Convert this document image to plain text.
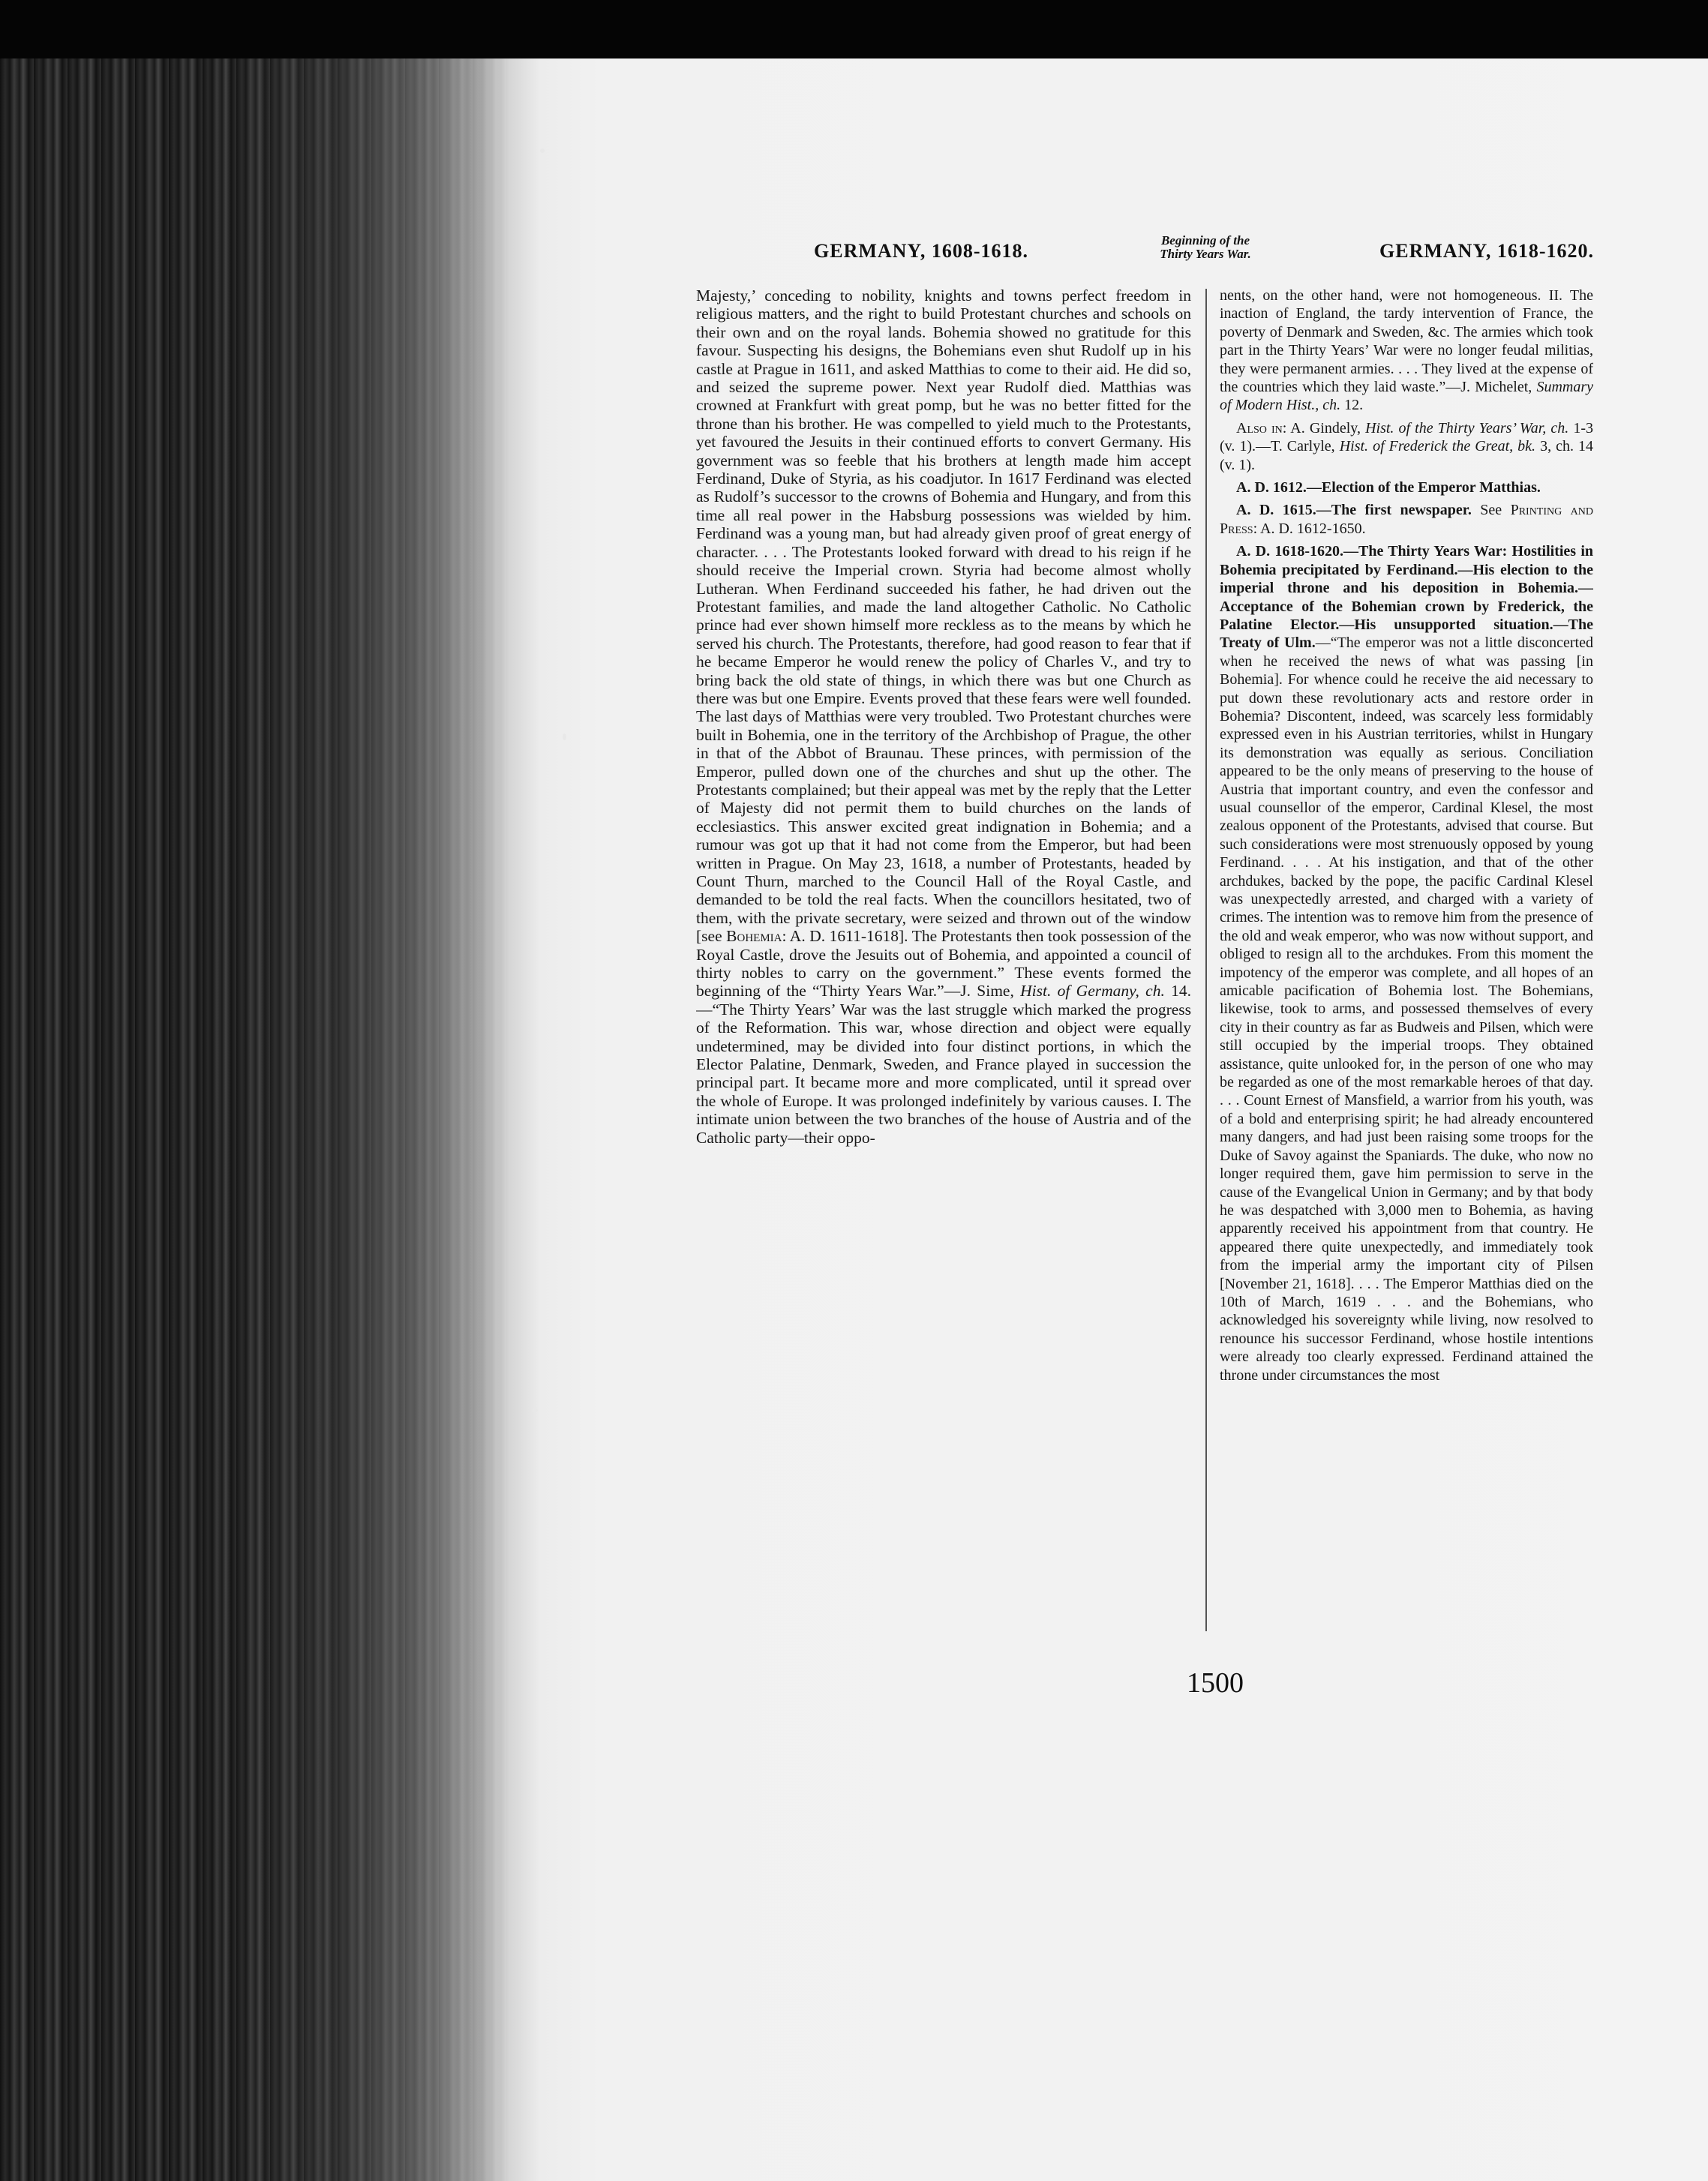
GERMANY, 1608-1618.	Beginning of the
Thirty Years War.	GERMANY, 1618-1620.

Majesty,’ conceding to nobility, knights and towns perfect freedom in religious matters, and the right to build Protestant churches and schools on their own and on the royal lands. Bohemia showed no gratitude for this favour. Suspecting his designs, the Bohemians even shut Rudolf up in his castle at Prague in 1611, and asked Matthias to come to their aid. He did so, and seized the supreme power. Next year Rudolf died. Matthias was crowned at Frankfurt with great pomp, but he was no better fitted for the throne than his brother. He was compelled to yield much to the Protestants, yet favoured the Jesuits in their continued efforts to convert Germany. His government was so feeble that his brothers at length made him accept Ferdinand, Duke of Styria, as his coadjutor. In 1617 Ferdinand was elected as Rudolf’s successor to the crowns of Bohemia and Hungary, and from this time all real power in the Habsburg possessions was wielded by him. Ferdinand was a young man, but had already given proof of great energy of character. . . . The Protestants looked forward with dread to his reign if he should receive the Imperial crown. Styria had become almost wholly Lutheran. When Ferdinand succeeded his father, he had driven out the Protestant families, and made the land altogether Catholic. No Catholic prince had ever shown himself more reckless as to the means by which he served his church. The Protestants, therefore, had good reason to fear that if he became Emperor he would renew the policy of Charles V., and try to bring back the old state of things, in which there was but one Church as there was but one Empire. Events proved that these fears were well founded. The last days of Matthias were very troubled. Two Protestant churches were built in Bohemia, one in the territory of the Archbishop of Prague, the other in that of the Abbot of Braunau. These princes, with permission of the Emperor, pulled down one of the churches and shut up the other. The Protestants complained; but their appeal was met by the reply that the Letter of Majesty did not permit them to build churches on the lands of ecclesiastics. This answer excited great indignation in Bohemia; and a rumour was got up that it had not come from the Emperor, but had been written in Prague. On May 23, 1618, a number of Protestants, headed by Count Thurn, marched to the Council Hall of the Royal Castle, and demanded to be told the real facts. When the councillors hesitated, two of them, with the private secretary, were seized and thrown out of the window [see Bohemia: A. D. 1611-1618]. The Protestants then took possession of the Royal Castle, drove the Jesuits out of Bohemia, and appointed a council of thirty nobles to carry on the government.” These events formed the beginning of the “Thirty Years War.”—J. Sime, Hist. of Germany, ch. 14.—“The Thirty Years’ War was the last struggle which marked the progress of the Reformation. This war, whose direction and object were equally undetermined, may be divided into four distinct portions, in which the Elector Palatine, Denmark, Sweden, and France played in succession the principal part. It became more and more complicated, until it spread over the whole of Europe. It was prolonged indefinitely by various causes. I. The intimate union between the two branches of the house of Austria and of the Catholic party—their oppo-

nents, on the other hand, were not homogeneous. II. The inaction of England, the tardy intervention of France, the poverty of Denmark and Sweden, &c. The armies which took part in the Thirty Years’ War were no longer feudal militias, they were permanent armies. . . . They lived at the expense of the countries which they laid waste.”—J. Michelet, Summary of Modern Hist., ch. 12.

Also in: A. Gindely, Hist. of the Thirty Years’ War, ch. 1-3 (v. 1).—T. Carlyle, Hist. of Frederick the Great, bk. 3, ch. 14 (v. 1).

A. D. 1612.—Election of the Emperor Matthias.

A. D. 1615.—The first newspaper. See Printing and Press: A. D. 1612-1650.

A. D. 1618-1620.—The Thirty Years War: Hostilities in Bohemia precipitated by Ferdinand.—His election to the imperial throne and his deposition in Bohemia.—Acceptance of the Bohemian crown by Frederick, the Palatine Elector.—His unsupported situation.—The Treaty of Ulm.—“The emperor was not a little disconcerted when he received the news of what was passing [in Bohemia]. For whence could he receive the aid necessary to put down these revolutionary acts and restore order in Bohemia? Discontent, indeed, was scarcely less formidably expressed even in his Austrian territories, whilst in Hungary its demonstration was equally as serious. Conciliation appeared to be the only means of preserving to the house of Austria that important country, and even the confessor and usual counsellor of the emperor, Cardinal Klesel, the most zealous opponent of the Protestants, advised that course. But such considerations were most strenuously opposed by young Ferdinand. . . . At his instigation, and that of the other archdukes, backed by the pope, the pacific Cardinal Klesel was unexpectedly arrested, and charged with a variety of crimes. The intention was to remove him from the presence of the old and weak emperor, who was now without support, and obliged to resign all to the archdukes. From this moment the impotency of the emperor was complete, and all hopes of an amicable pacification of Bohemia lost. The Bohemians, likewise, took to arms, and possessed themselves of every city in their country as far as Budweis and Pilsen, which were still occupied by the imperial troops. They obtained assistance, quite unlooked for, in the person of one who may be regarded as one of the most remarkable heroes of that day. . . . Count Ernest of Mansfield, a warrior from his youth, was of a bold and enterprising spirit; he had already encountered many dangers, and had just been raising some troops for the Duke of Savoy against the Spaniards. The duke, who now no longer required them, gave him permission to serve in the cause of the Evangelical Union in Germany; and by that body he was despatched with 3,000 men to Bohemia, as having apparently received his appointment from that country. He appeared there quite unexpectedly, and immediately took from the imperial army the important city of Pilsen [November 21, 1618]. . . . The Emperor Matthias died on the 10th of March, 1619 . . . and the Bohemians, who acknowledged his sovereignty while living, now resolved to renounce his successor Ferdinand, whose hostile intentions were already too clearly expressed. Ferdinand attained the throne under circumstances the most

1500
